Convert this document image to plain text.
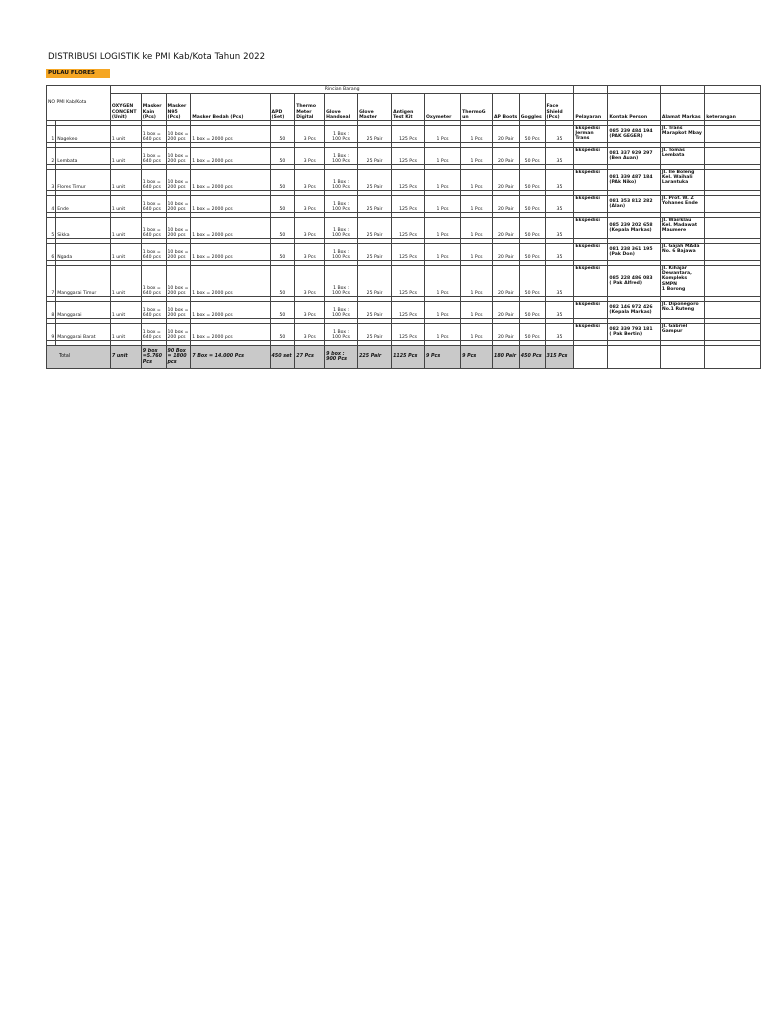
DISTRIBUSI LOGISTIK ke PMI Kab/Kota Tahun 2022
PULAU FLORES
NO PMI Kab/Kota		Rincian Barang																	
		OXYGEN
CONCENT
(Unit)	Masker
Kain
(Pcs)	Masker
N95
(Pcs)	Masker Bedah (Pcs)	APD
(Set)	Thermo
Meter
Digital	Glove
Handseal	Glove
Master	Antigen
Test Kit	Oxymeter	ThermoG
un	AP Boots	Goggles	Face
Shield
(Pcs)	Pelayaran	Kontak Person	Alamat Markas	keterangan

1	Nagekeo	1 unit	1 box =
640 pcs	10 box =
200 pcs	1 box = 2000 pcs	50	3 Pcs	1 Box :
100 Pcs	25 Pair	125 Pcs	1 Pcs	1 Pcs	20 Pair	50 Pcs	35	Ekspedisi
Jerman
Trans	085 239 484 194
(PAK GEGER)	Jl. Trans
Marapkot Mbay	

2	Lembata	1 unit	1 box =
640 pcs	10 box =
200 pcs	1 box = 2000 pcs	50	3 Pcs	1 Box :
100 Pcs	25 Pair	125 Pcs	1 Pcs	1 Pcs	20 Pair	50 Pcs	35	Ekspedisi	081 337 929 297
(Ben Auan)	Jl. Tomas
Lembata	

3	Flores Timur	1 unit	1 box =
640 pcs	10 box =
200 pcs	1 box = 2000 pcs	50	3 Pcs	1 Box :
100 Pcs	25 Pair	125 Pcs	1 Pcs	1 Pcs	20 Pair	50 Pcs	35	Ekspedisi	081 339 487 184
(PAk Niko)	Jl. Ile Boleng
Kel. Waihali
Larantuka	

4	Ende	1 unit	1 box =
640 pcs	10 box =
200 pcs	1 box = 2000 pcs	50	3 Pcs	1 Box :
100 Pcs	25 Pair	125 Pcs	1 Pcs	1 Pcs	20 Pair	50 Pcs	35	Ekspedisi	081 353 812 282
(Alan)	Jl. Prof. W. Z
Yohanes Ende	

5	Sikka	1 unit	1 box =
640 pcs	10 box =
200 pcs	1 box = 2000 pcs	50	3 Pcs	1 Box :
100 Pcs	25 Pair	125 Pcs	1 Pcs	1 Pcs	20 Pair	50 Pcs	35	Ekspedisi	085 239 202 658
(Kepala Markas)	Jl. Wairklau
Kel. Madawat
Maumere	

6	Ngada	1 unit	1 box =
640 pcs	10 box =
200 pcs	1 box = 2000 pcs	50	3 Pcs	1 Box :
100 Pcs	25 Pair	125 Pcs	1 Pcs	1 Pcs	20 Pair	50 Pcs	35	Ekspedisi	081 238 361 195
(Pak Don)	Jl. Gajah MAda
No. 6 Bajawa	

7	Manggarai Timur	1 unit	1 box =
640 pcs	10 box =
200 pcs	1 box = 2000 pcs	50	3 Pcs	1 Box :
100 Pcs	25 Pair	125 Pcs	1 Pcs	1 Pcs	20 Pair	50 Pcs	35	Ekspedisi	085 228 486 083
( Pak Alfred)	Jl. Kihajar
Dewantara,
Kompleks SMPN
1 Borong	

8	Manggarai	1 unit	1 box =
640 pcs	10 box =
200 pcs	1 box = 2000 pcs	50	3 Pcs	1 Box :
100 Pcs	25 Pair	125 Pcs	1 Pcs	1 Pcs	20 Pair	50 Pcs	35	Ekspedisi	082 146 972 426
(Kepala Markas)	Jl. Diponegoro
No.1 Ruteng	

9	Manggarai Barat	1 unit	1 box =
640 pcs	10 box =
200 pcs	1 box = 2000 pcs	50	3 Pcs	1 Box :
100 Pcs	25 Pair	125 Pcs	1 Pcs	1 Pcs	20 Pair	50 Pcs	35	Ekspedisi	082 339 793 181
( Pak Bertin)	Jl. Gabriel
Gampur	

Total		7 unit	9 box
=5.760
Pcs	90 Box
= 1800
pcs	7 Box = 14.000 Pcs	450 set	27 Pcs	9 box :
900 Pcs	225 Pair	1125 Pcs	9 Pcs	9 Pcs	180 Pair	450 Pcs	315 Pcs				
